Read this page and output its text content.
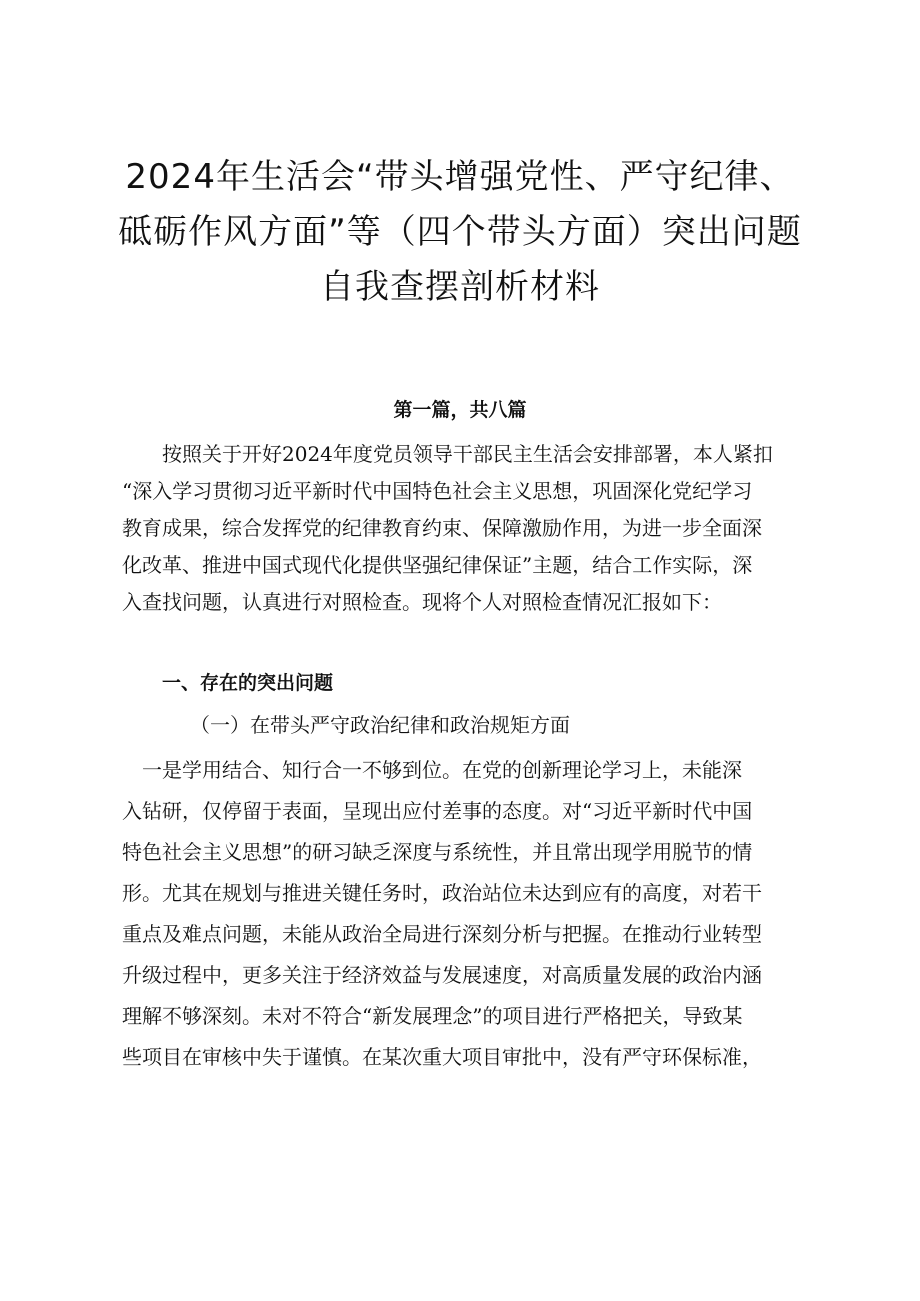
2024年生活会“带头增强党性、严守纪律、
砥砺作风方面”等（四个带头方面）突出问题
自我查摆剖析材料
第一篇，共八篇
　　按照关于开好2024年度党员领导干部民主生活会安排部署，本人紧扣
“深入学习贯彻习近平新时代中国特色社会主义思想，巩固深化党纪学习
教育成果，综合发挥党的纪律教育约束、保障激励作用，为进一步全面深
化改革、推进中国式现代化提供坚强纪律保证”主题，结合工作实际，深
入查找问题，认真进行对照检查。现将个人对照检查情况汇报如下：
一、存在的突出问题
（一）在带头严守政治纪律和政治规矩方面
　一是学用结合、知行合一不够到位。在党的创新理论学习上，未能深
入钻研，仅停留于表面，呈现出应付差事的态度。对“习近平新时代中国
特色社会主义思想”的研习缺乏深度与系统性，并且常出现学用脱节的情
形。尤其在规划与推进关键任务时，政治站位未达到应有的高度，对若干
重点及难点问题，未能从政治全局进行深刻分析与把握。在推动行业转型
升级过程中，更多关注于经济效益与发展速度，对高质量发展的政治内涵
理解不够深刻。未对不符合“新发展理念”的项目进行严格把关，导致某
些项目在审核中失于谨慎。在某次重大项目审批中，没有严守环保标准，
